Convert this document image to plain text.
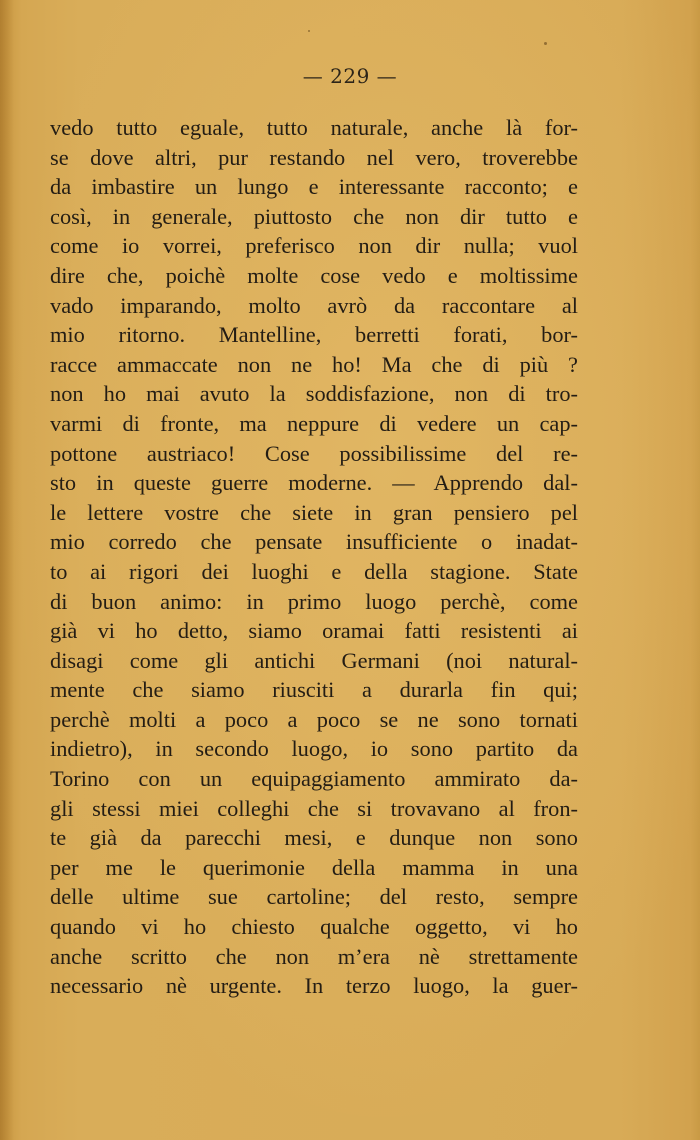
— 229 —
vedo tutto eguale, tutto naturale, anche là for-
se dove altri, pur restando nel vero, troverebbe
da imbastire un lungo e interessante racconto; e
così, in generale, piuttosto che non dir tutto e
come io vorrei, preferisco non dir nulla; vuol
dire che, poichè molte cose vedo e moltissime
vado imparando, molto avrò da raccontare al
mio ritorno. Mantelline, berretti forati, bor-
racce ammaccate non ne ho! Ma che di più ?
non ho mai avuto la soddisfazione, non di tro-
varmi di fronte, ma neppure di vedere un cap-
pottone austriaco! Cose possibilissime del re-
sto in queste guerre moderne. — Apprendo dal-
le lettere vostre che siete in gran pensiero pel
mio corredo che pensate insufficiente o inadat-
to ai rigori dei luoghi e della stagione. State
di buon animo: in primo luogo perchè, come
già vi ho detto, siamo oramai fatti resistenti ai
disagi come gli antichi Germani (noi natural-
mente che siamo riusciti a durarla fin qui;
perchè molti a poco a poco se ne sono tornati
indietro), in secondo luogo, io sono partito da
Torino con un equipaggiamento ammirato da-
gli stessi miei colleghi che si trovavano al fron-
te già da parecchi mesi, e dunque non sono
per me le querimonie della mamma in una
delle ultime sue cartoline; del resto, sempre
quando vi ho chiesto qualche oggetto, vi ho
anche scritto che non m’era nè strettamente
necessario nè urgente. In terzo luogo, la guer-
